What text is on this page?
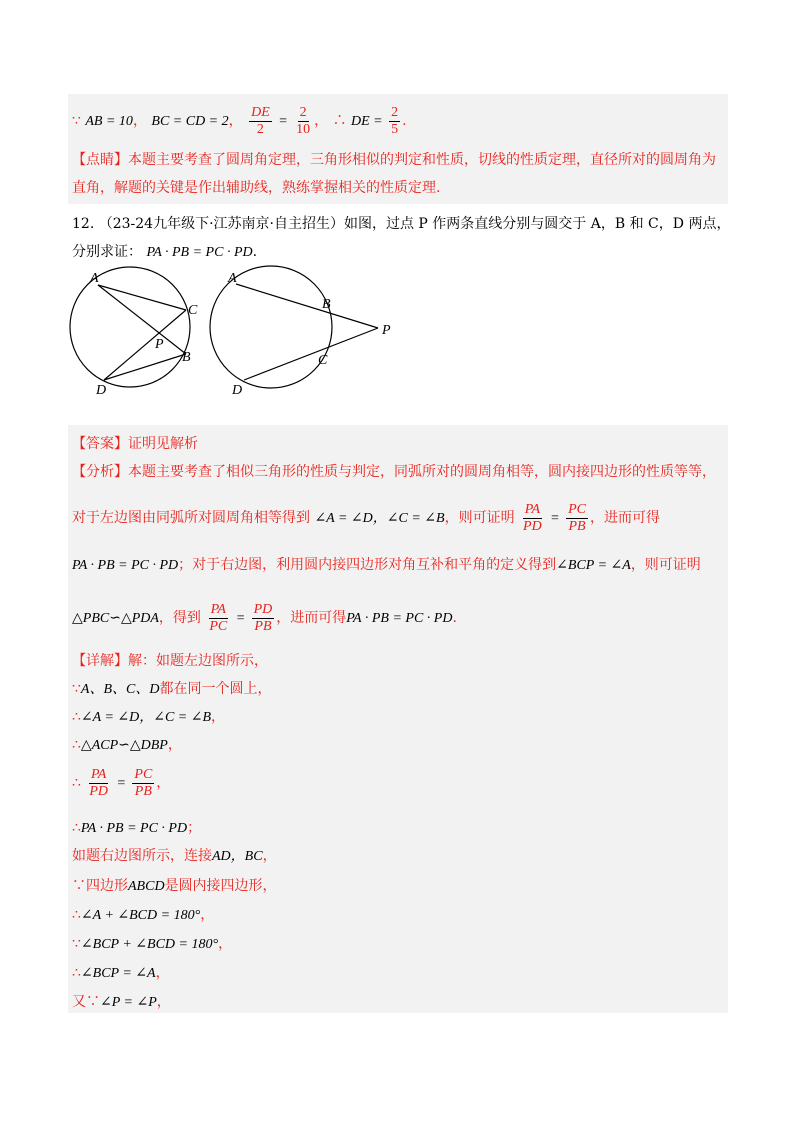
∵ AB = 10， BC = CD = 2， $\frac{DE}{2} = \frac{2}{10}$ ， ∴ DE = $\frac{2}{5}$ .
【点睛】本题主要考查了圆周角定理，三角形相似的判定和性质，切线的性质定理，直径所对的圆周角为
直角，解题的关键是作出辅助线，熟练掌握相关的性质定理.
12. （23-24九年级下·江苏南京·自主招生）如图，过点 P 作两条直线分别与圆交于 A，B 和 C，D 两点，
分别求证： PA · PB = PC · PD.
A
C
P
B
D
A
B
P
C
D
【答案】证明见解析
【分析】本题主要考查了相似三角形的性质与判定，同弧所对的圆周角相等，圆内接四边形的性质等等，
对于左边图由同弧所对圆周角相等得到 ∠A = ∠D，∠C = ∠B，则可证明 $\frac{PA}{PD} = \frac{PC}{PB}$ ，进而可得
PA · PB = PC · PD；对于右边图，利用圆内接四边形对角互补和平角的定义得到∠BCP = ∠A，则可证明
△PBC∽△PDA，得到 $\frac{PA}{PC} = \frac{PD}{PB}$ ，进而可得PA · PB = PC · PD.
【详解】解：如题左边图所示，
∵A、B、C、D都在同一个圆上，
∴∠A = ∠D，∠C = ∠B，
∴△ACP∽△DBP，
∴ $\frac{PA}{PD} = \frac{PC}{PB}$ ，
∴PA · PB = PC · PD；
如题右边图所示，连接AD，BC，
∵四边形ABCD是圆内接四边形，
∴∠A + ∠BCD = 180°，
∵∠BCP + ∠BCD = 180°，
∴∠BCP = ∠A，
又∵∠P = ∠P，
